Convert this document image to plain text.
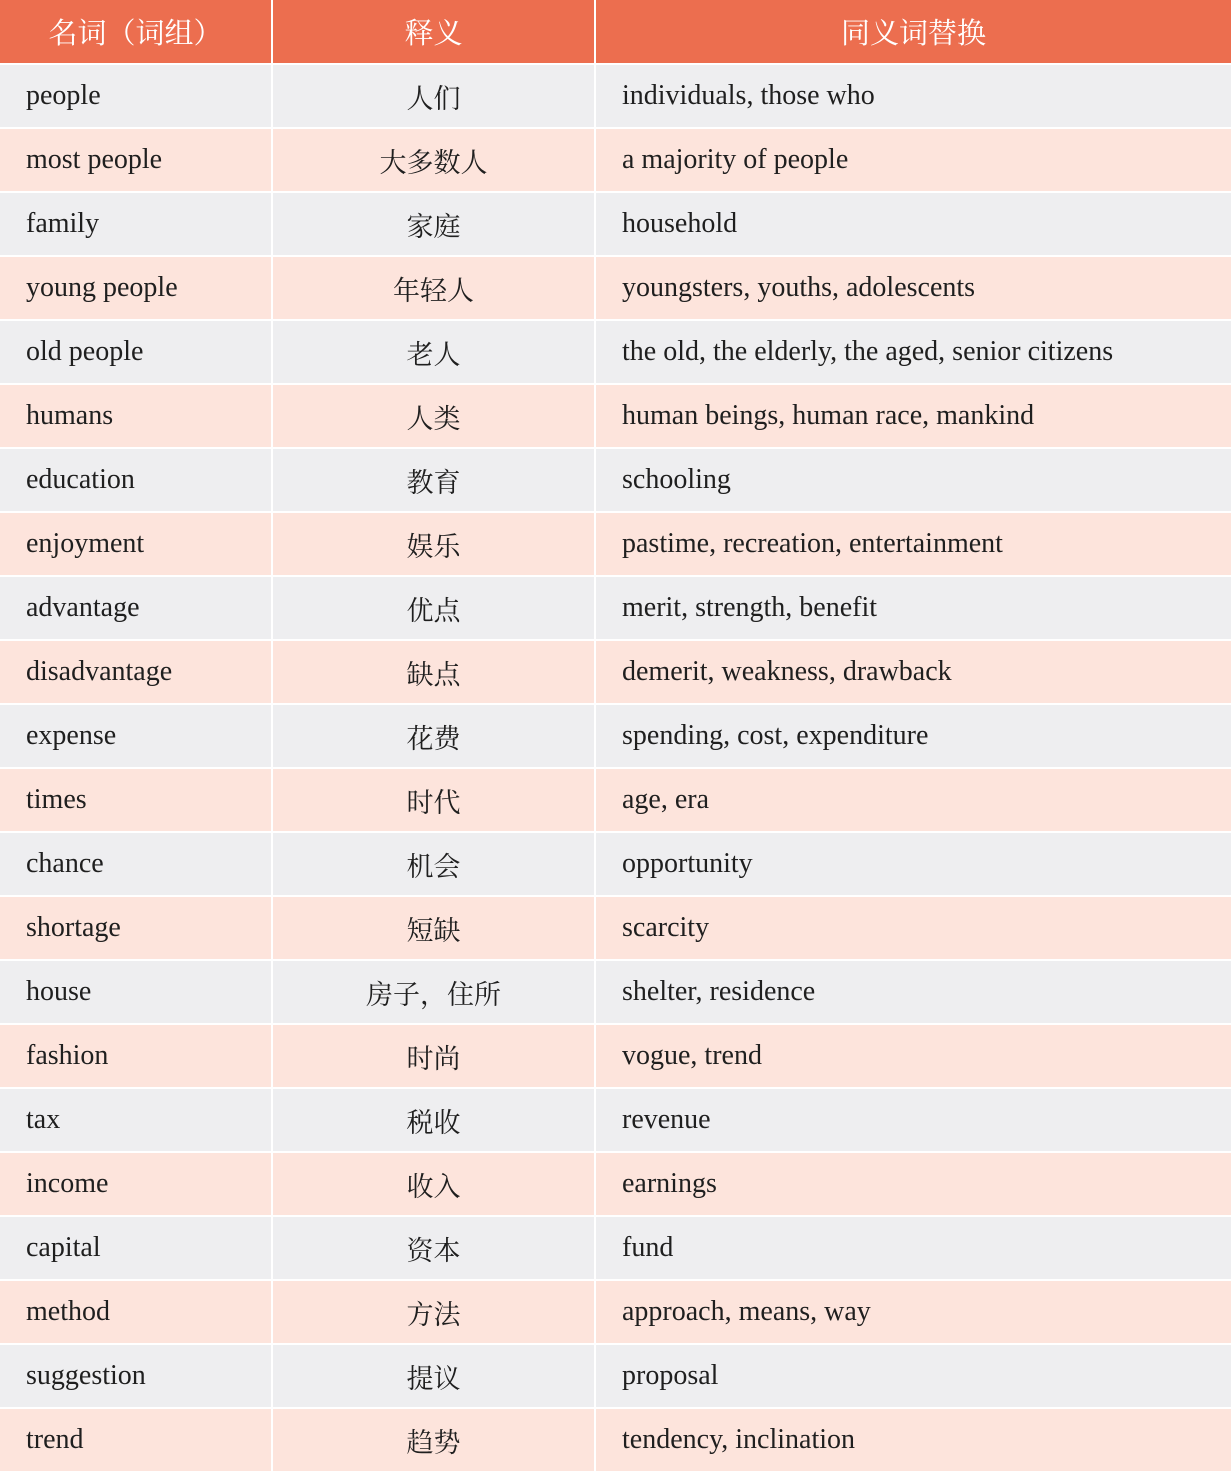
名词（词组）	释义	同义词替换
people	人们	individuals, those who
most people	大多数人	a majority of people
family	家庭	household
young people	年轻人	youngsters, youths, adolescents
old people	老人	the old, the elderly, the aged, senior citizens
humans	人类	human beings, human race, mankind
education	教育	schooling
enjoyment	娱乐	pastime, recreation, entertainment
advantage	优点	merit, strength, benefit
disadvantage	缺点	demerit, weakness, drawback
expense	花费	spending, cost, expenditure
times	时代	age, era
chance	机会	opportunity
shortage	短缺	scarcity
house	房子，住所	shelter, residence
fashion	时尚	vogue, trend
tax	税收	revenue
income	收入	earnings
capital	资本	fund
method	方法	approach, means, way
suggestion	提议	proposal
trend	趋势	tendency, inclination
